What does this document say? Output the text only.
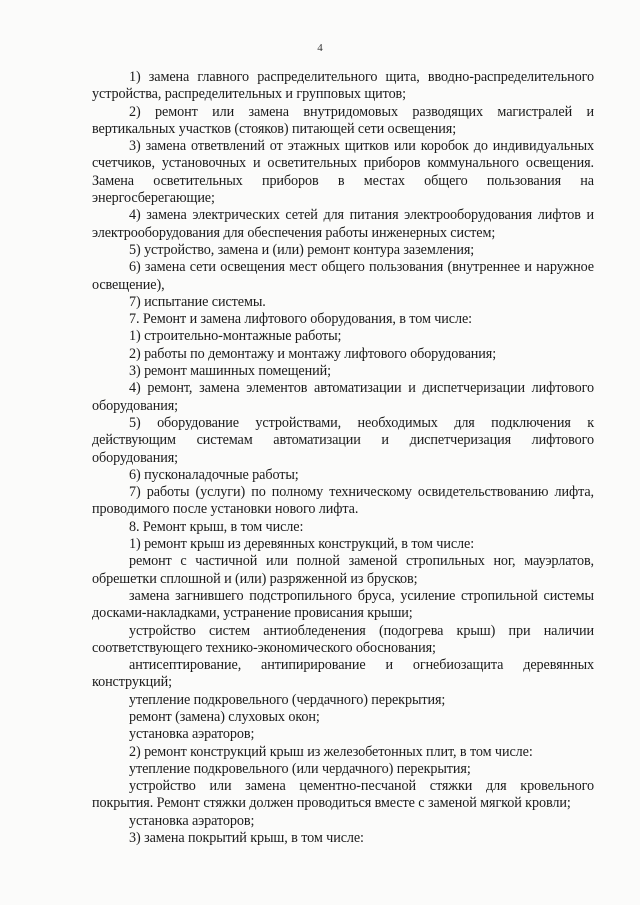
4

1) замена главного распределительного щита, вводно-распределительного устройства, распределительных и групповых щитов;

2) ремонт или замена внутридомовых разводящих магистралей и вертикальных участков (стояков) питающей сети освещения;

3) замена ответвлений от этажных щитков или коробок до индивидуальных счетчиков, установочных и осветительных приборов коммунального освещения. Замена осветительных приборов в местах общего пользования на энергосберегающие;

4) замена электрических сетей для питания электрооборудования лифтов и электрооборудования для обеспечения работы инженерных систем;

5) устройство, замена и (или) ремонт контура заземления;

6) замена сети освещения мест общего пользования (внутреннее и наружное освещение),

7) испытание системы.

7. Ремонт и замена лифтового оборудования, в том числе:

1) строительно-монтажные работы;

2) работы по демонтажу и монтажу лифтового оборудования;

3) ремонт машинных помещений;

4) ремонт, замена элементов автоматизации и диспетчеризации лифтового оборудования;

5) оборудование устройствами, необходимых для подключения к действующим системам автоматизации и диспетчеризация лифтового оборудования;

6) пусконаладочные работы;

7) работы (услуги) по полному техническому освидетельствованию лифта, проводимого после установки нового лифта.

8. Ремонт крыш, в том числе:

1) ремонт крыш из деревянных конструкций, в том числе:

ремонт с частичной или полной заменой стропильных ног, мауэрлатов, обрешетки сплошной и (или) разряженной из брусков;

замена загнившего подстропильного бруса, усиление стропильной системы досками-накладками, устранение провисания крыши;

устройство систем антиобледенения (подогрева крыш) при наличии соответствующего технико-экономического обоснования;

антисептирование, антипирирование и огнебиозащита деревянных конструкций;

утепление подкровельного (чердачного) перекрытия;

ремонт (замена) слуховых окон;

установка аэраторов;

2) ремонт конструкций крыш из железобетонных плит, в том числе:

утепление подкровельного (или чердачного) перекрытия;

устройство или замена цементно-песчаной стяжки для кровельного покрытия. Ремонт стяжки должен проводиться вместе с заменой мягкой кровли;

установка аэраторов;

3) замена покрытий крыш, в том числе:
